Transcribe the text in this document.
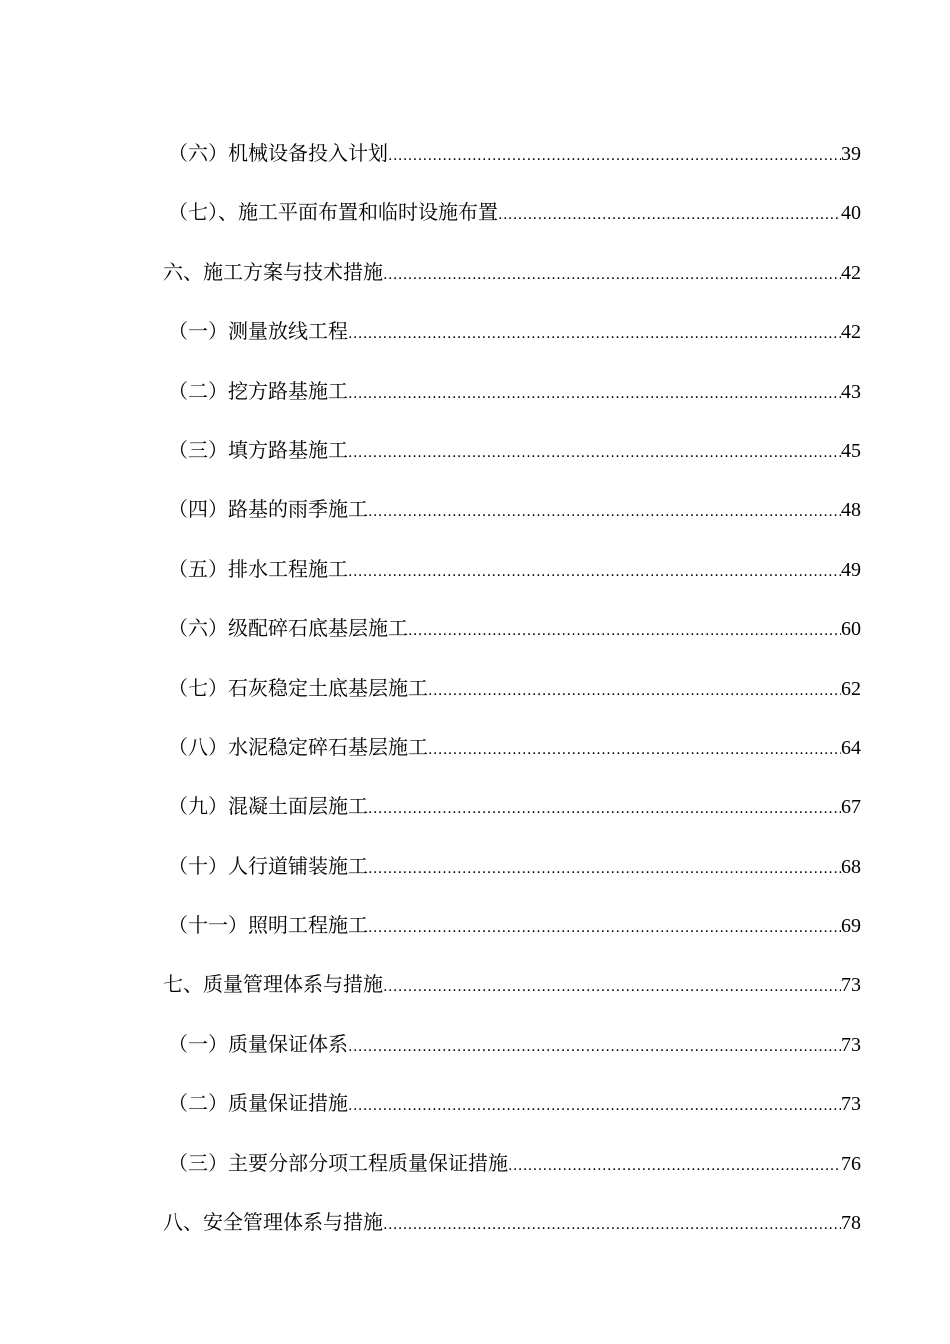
（六）机械设备投入计划 .....	39
（七）、施工平面布置和临时设施布置 .....	40
六、施工方案与技术措施 .....	42
（一）测量放线工程 .....	42
（二）挖方路基施工 .....	43
（三）填方路基施工 .....	45
（四）路基的雨季施工 .....	48
（五）排水工程施工 .....	49
（六）级配碎石底基层施工 .....	60
（七）石灰稳定土底基层施工 .....	62
（八）水泥稳定碎石基层施工 .....	64
（九）混凝土面层施工 .....	67
（十）人行道铺装施工 .....	68
（十一）照明工程施工 .....	69
七、质量管理体系与措施 .....	73
（一）质量保证体系 .....	73
（二）质量保证措施 .....	73
（三）主要分部分项工程质量保证措施 .....	76
八、安全管理体系与措施 .....	78
